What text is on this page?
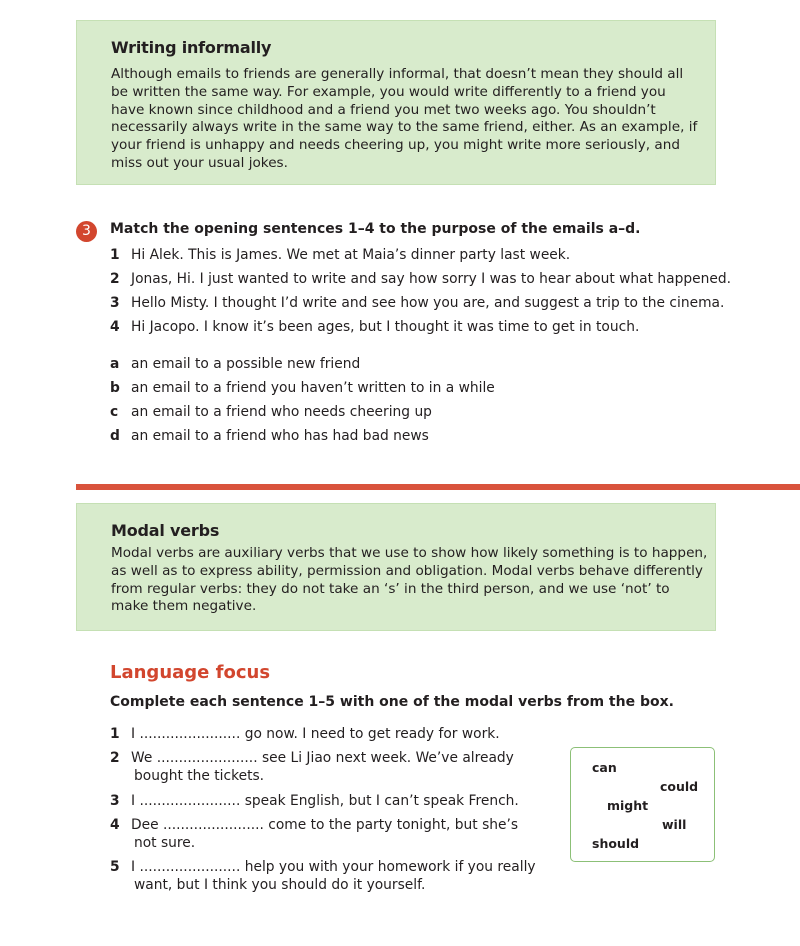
Writing informally
Although emails to friends are generally informal, that doesn’t mean they should all
be written the same way. For example, you would write differently to a friend you
have known since childhood and a friend you met two weeks ago. You shouldn’t
necessarily always write in the same way to the same friend, either. As an example, if
your friend is unhappy and needs cheering up, you might write more seriously, and
miss out your usual jokes.
3	Match the opening sentences 1–4 to the purpose of the emails a–d.
1 Hi Alek. This is James. We met at Maia’s dinner party last week.
2 Jonas, Hi. I just wanted to write and say how sorry I was to hear about what happened.
3 Hello Misty. I thought I’d write and see how you are, and suggest a trip to the cinema.
4 Hi Jacopo. I know it’s been ages, but I thought it was time to get in touch.
a an email to a possible new friend
b an email to a friend you haven’t written to in a while
c an email to a friend who needs cheering up
d an email to a friend who has had bad news
Modal verbs
Modal verbs are auxiliary verbs that we use to show how likely something is to happen,
as well as to express ability, permission and obligation. Modal verbs behave differently
from regular verbs: they do not take an ‘s’ in the third person, and we use ‘not’ to
make them negative.
Language focus
Complete each sentence 1–5 with one of the modal verbs from the box.
1 I ....................... go now. I need to get ready for work.
2 We ....................... see Li Jiao next week. We’ve already
bought the tickets.
3 I ....................... speak English, but I can’t speak French.
4 Dee ....................... come to the party tonight, but she’s
not sure.
5 I ....................... help you with your homework if you really
want, but I think you should do it yourself.
can
could
might
will
should
